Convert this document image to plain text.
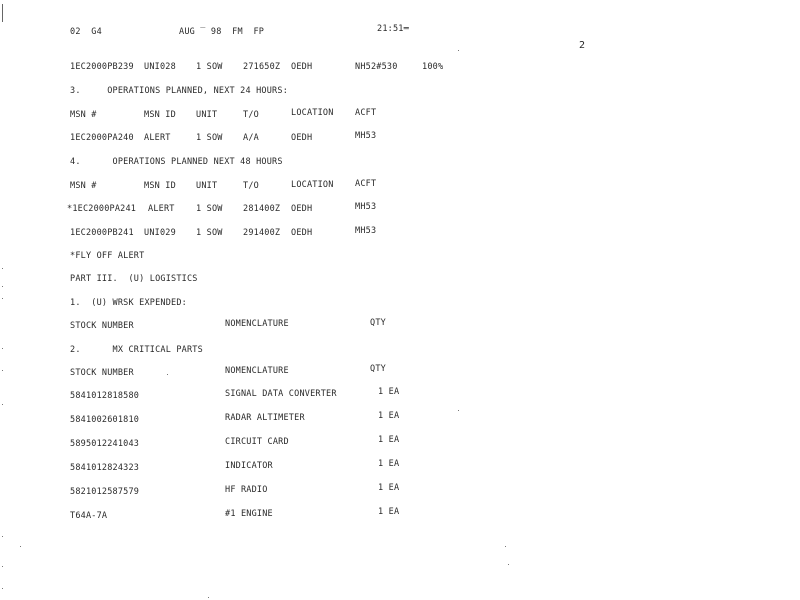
02  G4	AUG ‾ 98  FM  FP	21:51═
2
1EC2000PB239 UNI028 1 SOW 271650Z OEDH	NH52#530	100%
3.     OPERATIONS PLANNED, NEXT 24 HOURS:
MSN #	MSN ID UNIT	T/O	LOCATION	ACFT
1EC2000PA240 ALERT	1 SOW A/A	OEDH	MH53
4.      OPERATIONS PLANNED NEXT 48 HOURS
MSN #	MSN ID UNIT	T/O	LOCATION	ACFT
*1EC2000PA241 ALERT	1 SOW 281400Z OEDH	MH53
1EC2000PB241 UNI029 1 SOW 291400Z OEDH	MH53
*FLY OFF ALERT
PART III.  (U) LOGISTICS
1.  (U) WRSK EXPENDED:
STOCK NUMBER	NOMENCLATURE	QTY
2.      MX CRITICAL PARTS
STOCK NUMBER	NOMENCLATURE	QTY
5841012818580	SIGNAL DATA CONVERTER	1 EA
5841002601810	RADAR ALTIMETER	1 EA
5895012241043	CIRCUIT CARD	1 EA
5841012824323	INDICATOR	1 EA
5821012587579	HF RADIO	1 EA
T64A-7A	#1 ENGINE	1 EA
